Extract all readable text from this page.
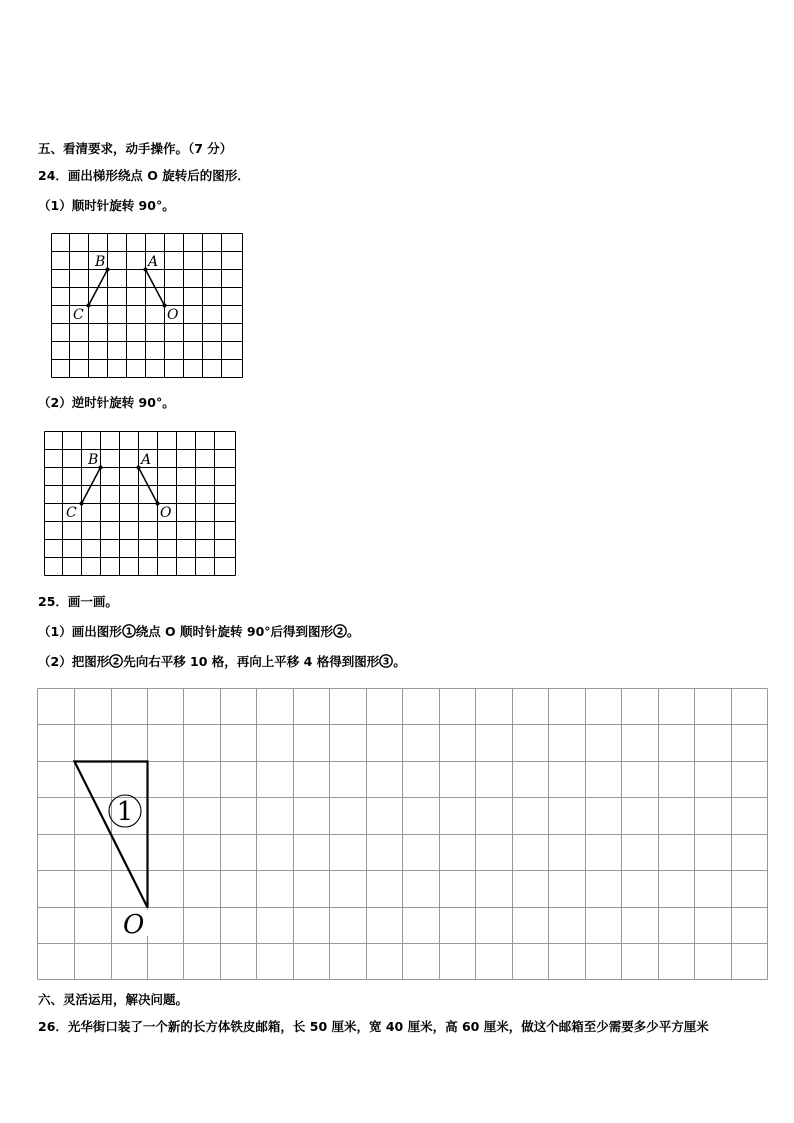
五、看清要求，动手操作。（7 分）
24．画出梯形绕点 O 旋转后的图形．
（1）顺时针旋转 90°。
B	A
C	O
（2）逆时针旋转 90°。
B	A
C	O
25．画一画。
（1）画出图形 1 绕点 O 顺时针旋转 90°后得到图形 2 。
（2）把图形 2 先向右平移 10 格，再向上平移 4 格得到图形 3 。
1
O
六、灵活运用，解决问题。
26．光华街口装了一个新的长方体铁皮邮箱，长 50 厘米，宽 40 厘米，高 60 厘米，做这个邮箱至少需要多少平方厘米
